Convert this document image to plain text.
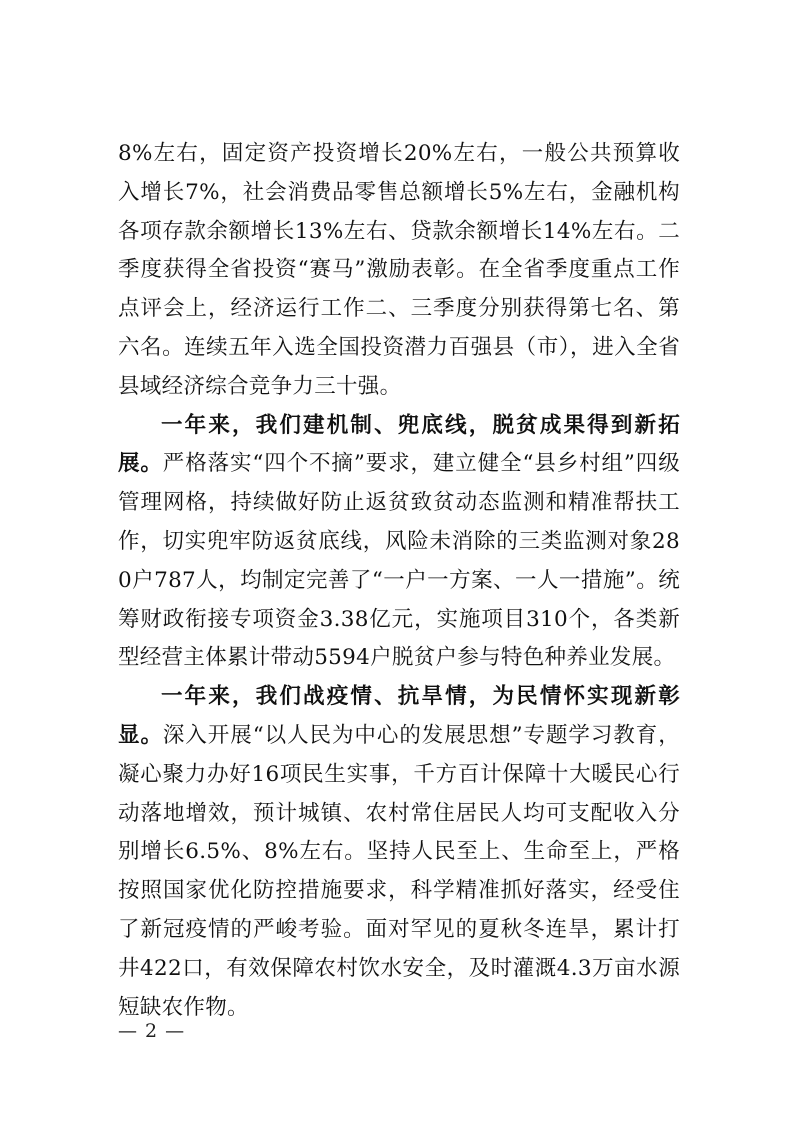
8%左右，固定资产投资增长20%左右，一般公共预算收入增长7%，社会消费品零售总额增长5%左右，金融机构各项存款余额增长13%左右、贷款余额增长14%左右。二季度获得全省投资“赛马”激励表彰。在全省季度重点工作点评会上，经济运行工作二、三季度分别获得第七名、第六名。连续五年入选全国投资潜力百强县（市），进入全省县域经济综合竞争力三十强。

一年来，我们建机制、兜底线，脱贫成果得到新拓展。严格落实“四个不摘”要求，建立健全“县乡村组”四级管理网格，持续做好防止返贫致贫动态监测和精准帮扶工作，切实兜牢防返贫底线，风险未消除的三类监测对象280户787人，均制定完善了“一户一方案、一人一措施”。统筹财政衔接专项资金3.38亿元，实施项目310个，各类新型经营主体累计带动5594户脱贫户参与特色种养业发展。

一年来，我们战疫情、抗旱情，为民情怀实现新彰显。深入开展“以人民为中心的发展思想”专题学习教育，凝心聚力办好16项民生实事，千方百计保障十大暖民心行动落地增效，预计城镇、农村常住居民人均可支配收入分别增长6.5%、8%左右。坚持人民至上、生命至上，严格按照国家优化防控措施要求，科学精准抓好落实，经受住了新冠疫情的严峻考验。面对罕见的夏秋冬连旱，累计打井422口，有效保障农村饮水安全，及时灌溉4.3万亩水源短缺农作物。

— 2 —
